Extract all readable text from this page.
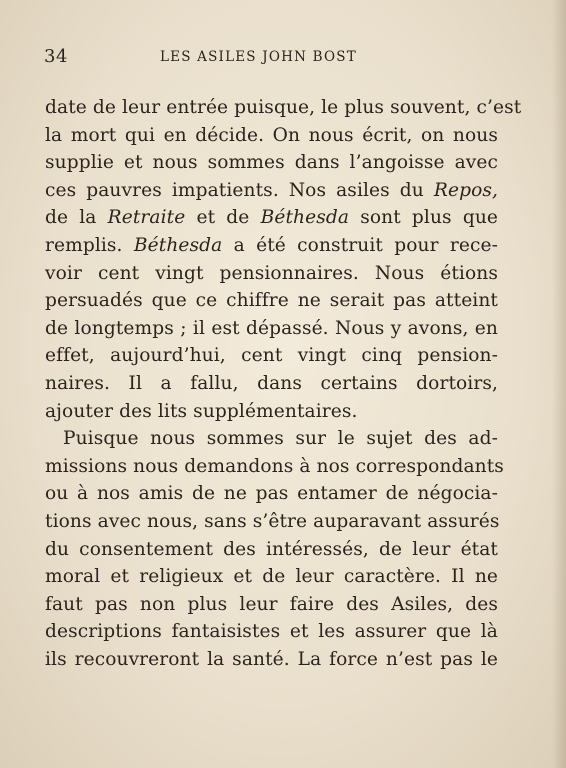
34	LES ASILES JOHN BOST
date de leur entrée puisque, le plus souvent, c’est
la mort qui en décide. On nous écrit, on nous
supplie et nous sommes dans l’angoisse avec
ces pauvres impatients. Nos asiles du Repos,
de la Retraite et de Béthesda sont plus que
remplis. Béthesda a été construit pour rece-
voir cent vingt pensionnaires. Nous étions
persuadés que ce chiffre ne serait pas atteint
de longtemps ; il est dépassé. Nous y avons, en
effet, aujourd’hui, cent vingt cinq pension-
naires. Il a fallu, dans certains dortoirs,
ajouter des lits supplémentaires.
Puisque nous sommes sur le sujet des ad-
missions nous demandons à nos correspondants
ou à nos amis de ne pas entamer de négocia-
tions avec nous, sans s’être auparavant assurés
du consentement des intéressés, de leur état
moral et religieux et de leur caractère. Il ne
faut pas non plus leur faire des Asiles, des
descriptions fantaisistes et les assurer que là
ils recouvreront la santé. La force n’est pas le
